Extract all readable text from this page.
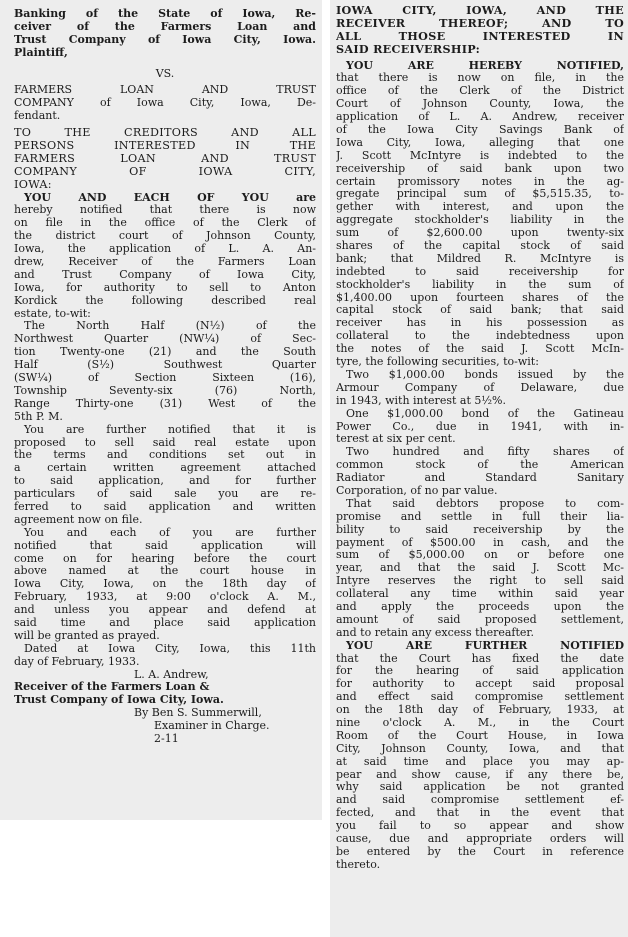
Banking of the State of Iowa, Re-
ceiver of the Farmers Loan and
Trust Company of Iowa City, Iowa.
Plaintiff,
VS.
FARMERS LOAN AND TRUST
COMPANY of Iowa City, Iowa, De-
fendant.
TO THE CREDITORS AND ALL
PERSONS INTERESTED IN THE
FARMERS LOAN AND TRUST
COMPANY OF IOWA CITY,
IOWA:
YOU AND EACH OF YOU are
hereby notified that there is now
on file in the office of the Clerk of
the district court of Johnson County,
Iowa, the application of L. A. An-
drew, Receiver of the Farmers Loan
and Trust Company of Iowa City,
Iowa, for authority to sell to Anton
Kordick the following described real
estate, to-wit:
The North Half (N½) of the
Northwest Quarter (NW¼) of Sec-
tion Twenty-one (21) and the South
Half (S½) Southwest Quarter
(SW¼) of Section Sixteen (16),
Township Seventy-six (76) North,
Range Thirty-one (31) West of the
5th P. M.
You are further notified that it is
proposed to sell said real estate upon
the terms and conditions set out in
a certain written agreement attached
to said application, and for further
particulars of said sale you are re-
ferred to said application and written
agreement now on file.
You and each of you are further
notified that said application will
come on for hearing before the court
above named at the court house in
Iowa City, Iowa, on the 18th day of
February, 1933, at 9:00 o'clock A. M.,
and unless you appear and defend at
said time and place said application
will be granted as prayed.
Dated at Iowa City, Iowa, this 11th
day of February, 1933.
L. A. Andrew,
Receiver of the Farmers Loan &
Trust Company of Iowa City, Iowa.
By Ben S. Summerwill,
Examiner in Charge.
2-11
IOWA CITY, IOWA, AND THE
RECEIVER THEREOF; AND TO
ALL THOSE INTERESTED IN
SAID RECEIVERSHIP:
YOU ARE HEREBY NOTIFIED,
that there is now on file, in the
office of the Clerk of the District
Court of Johnson County, Iowa, the
application of L. A. Andrew, receiver
of the Iowa City Savings Bank of
Iowa City, Iowa, alleging that one
J. Scott McIntyre is indebted to the
receivership of said bank upon two
certain promissory notes in the ag-
gregate principal sum of $5,515.35, to-
gether with interest, and upon the
aggregate stockholder's liability in the
sum of $2,600.00 upon twenty-six
shares of the capital stock of said
bank; that Mildred R. McIntyre is
indebted to said receivership for
stockholder's liability in the sum of
$1,400.00 upon fourteen shares of the
capital stock of said bank; that said
receiver has in his possession as
collateral to the indebtedness upon
the notes of the said J. Scott McIn-
tyre, the following securities, to-wit:
Two $1,000.00 bonds issued by the
Armour Company of Delaware, due
in 1943, with interest at 5½%.
One $1,000.00 bond of the Gatineau
Power Co., due in 1941, with in-
terest at six per cent.
Two hundred and fifty shares of
common stock of the American
Radiator and Standard Sanitary
Corporation, of no par value.
That said debtors propose to com-
promise and settle in full their lia-
bility to said receivership by the
payment of $500.00 in cash, and the
sum of $5,000.00 on or before one
year, and that the said J. Scott Mc-
Intyre reserves the right to sell said
collateral any time within said year
and apply the proceeds upon the
amount of said proposed settlement,
and to retain any excess thereafter.
YOU ARE FURTHER NOTIFIED
that the Court has fixed the date
for the hearing of said application
for authority to accept said proposal
and effect said compromise settlement
on the 18th day of February, 1933, at
nine o'clock A. M., in the Court
Room of the Court House, in Iowa
City, Johnson County, Iowa, and that
at said time and place you may ap-
pear and show cause, if any there be,
why said application be not granted
and said compromise settlement ef-
fected, and that in the event that
you fail to so appear and show
cause, due and appropriate orders will
be entered by the Court in reference
thereto.
